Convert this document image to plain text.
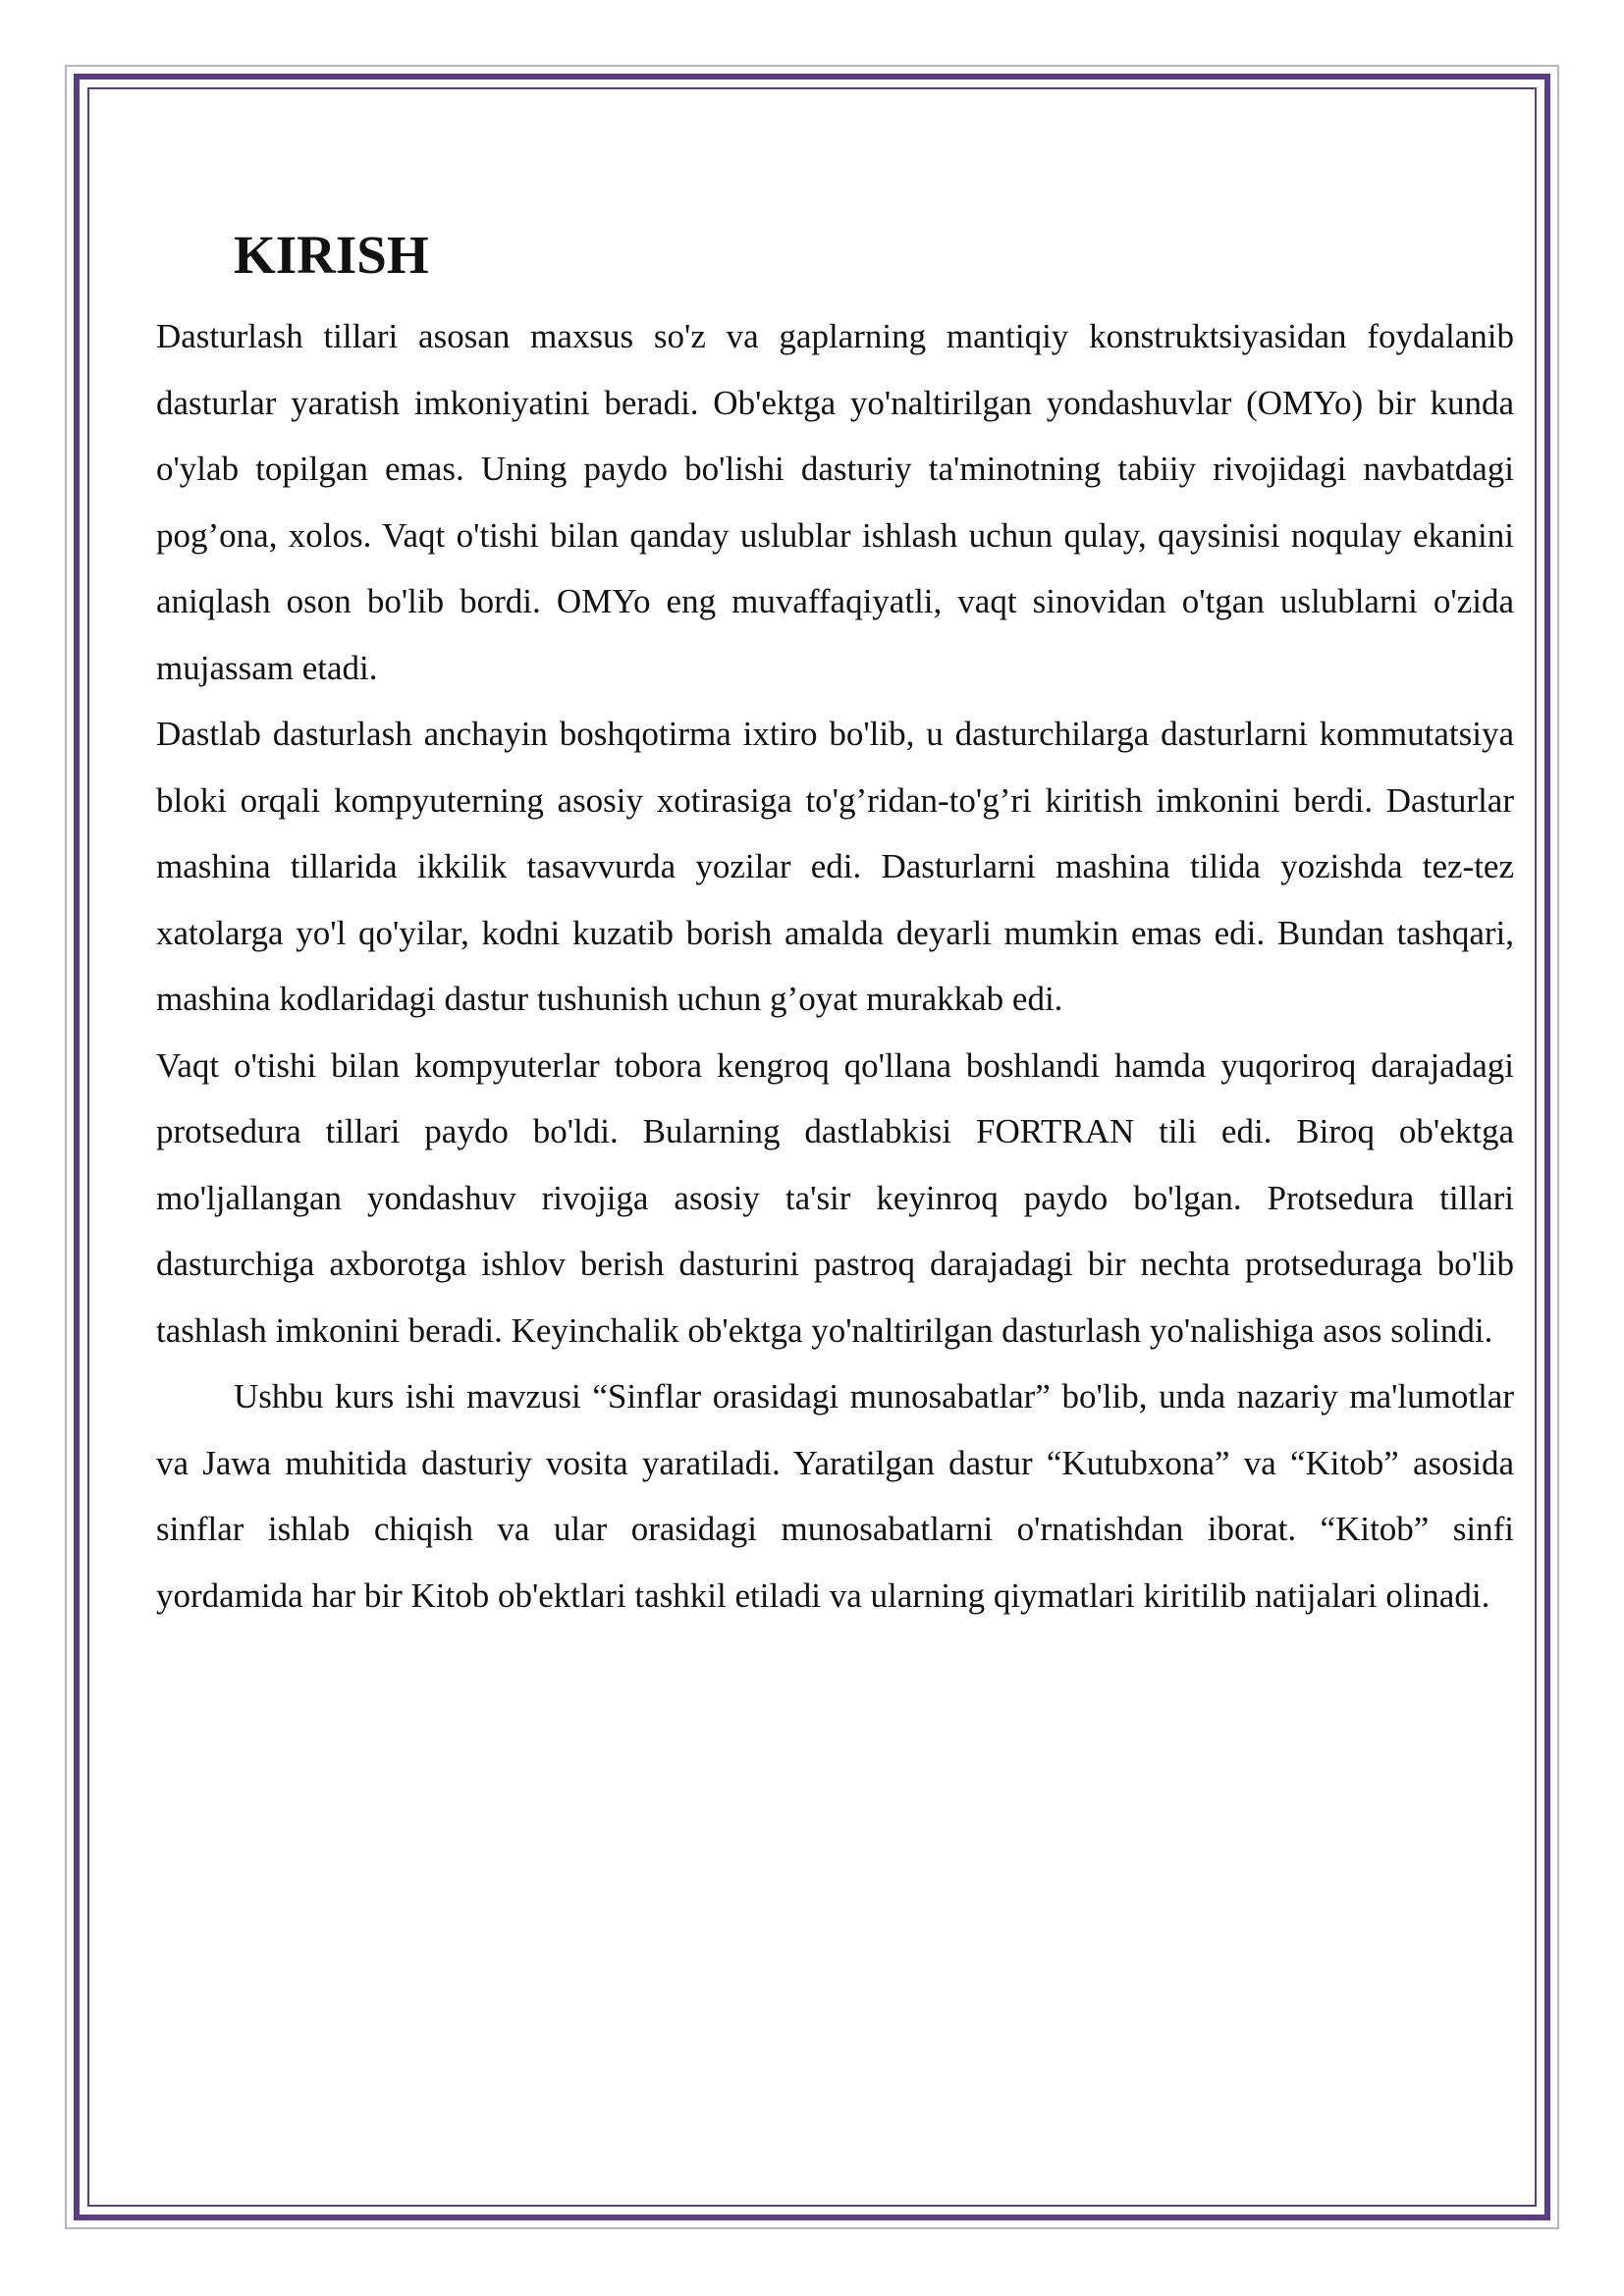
KIRISH

Dasturlash tillari asosan maxsus so'z va gaplarning mantiqiy konstruktsiyasidan foydalanib dasturlar yaratish imkoniyatini beradi. Ob'ektga yo'naltirilgan yondashuvlar (OMYo) bir kunda o'ylab topilgan emas. Uning paydo bo'lishi dasturiy ta'minotning tabiiy rivojidagi navbatdagi pog’ona, xolos. Vaqt o'tishi bilan qanday uslublar ishlash uchun qulay, qaysinisi noqulay ekanini aniqlash oson bo'lib bordi. OMYo eng muvaffaqiyatli, vaqt sinovidan o'tgan uslublarni o'zida mujassam etadi.

Dastlab dasturlash anchayin boshqotirma ixtiro bo'lib, u dasturchilarga dasturlarni kommutatsiya bloki orqali kompyuterning asosiy xotirasiga to'g’ridan-to'g’ri kiritish imkonini berdi. Dasturlar mashina tillarida ikkilik tasavvurda yozilar edi. Dasturlarni mashina tilida yozishda tez-tez xatolarga yo'l qo'yilar, kodni kuzatib borish amalda deyarli mumkin emas edi. Bundan tashqari, mashina kodlaridagi dastur tushunish uchun g’oyat murakkab edi.

Vaqt o'tishi bilan kompyuterlar tobora kengroq qo'llana boshlandi hamda yuqoriroq darajadagi protsedura tillari paydo bo'ldi. Bularning dastlabkisi FORTRAN tili edi. Biroq ob'ektga mo'ljallangan yondashuv rivojiga asosiy ta'sir keyinroq paydo bo'lgan. Protsedura tillari dasturchiga axborotga ishlov berish dasturini pastroq darajadagi bir nechta protseduraga bo'lib tashlash imkonini beradi. Keyinchalik ob'ektga yo'naltirilgan dasturlash yo'nalishiga asos solindi.

Ushbu kurs ishi mavzusi “Sinflar orasidagi munosabatlar” bo'lib, unda nazariy ma'lumotlar va Jawa muhitida dasturiy vosita yaratiladi. Yaratilgan dastur “Kutubxona” va “Kitob” asosida sinflar ishlab chiqish va ular orasidagi munosabatlarni o'rnatishdan iborat. “Kitob” sinfi yordamida har bir Kitob ob'ektlari tashkil etiladi va ularning qiymatlari kiritilib natijalari olinadi.
